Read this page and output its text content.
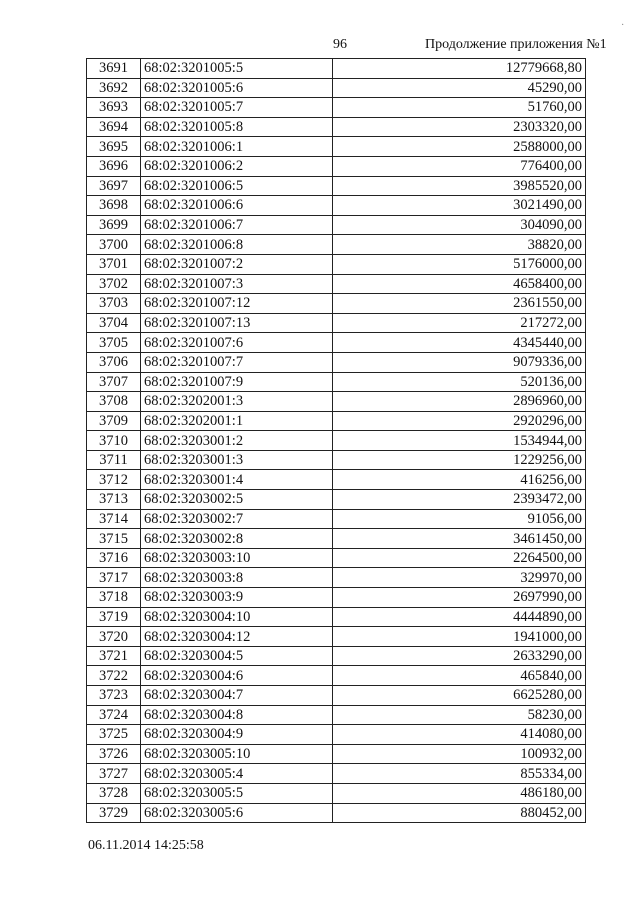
·
96	Продолжение приложения №1
3691	68:02:3201005:5	12779668,80
3692	68:02:3201005:6	45290,00
3693	68:02:3201005:7	51760,00
3694	68:02:3201005:8	2303320,00
3695	68:02:3201006:1	2588000,00
3696	68:02:3201006:2	776400,00
3697	68:02:3201006:5	3985520,00
3698	68:02:3201006:6	3021490,00
3699	68:02:3201006:7	304090,00
3700	68:02:3201006:8	38820,00
3701	68:02:3201007:2	5176000,00
3702	68:02:3201007:3	4658400,00
3703	68:02:3201007:12	2361550,00
3704	68:02:3201007:13	217272,00
3705	68:02:3201007:6	4345440,00
3706	68:02:3201007:7	9079336,00
3707	68:02:3201007:9	520136,00
3708	68:02:3202001:3	2896960,00
3709	68:02:3202001:1	2920296,00
3710	68:02:3203001:2	1534944,00
3711	68:02:3203001:3	1229256,00
3712	68:02:3203001:4	416256,00
3713	68:02:3203002:5	2393472,00
3714	68:02:3203002:7	91056,00
3715	68:02:3203002:8	3461450,00
3716	68:02:3203003:10	2264500,00
3717	68:02:3203003:8	329970,00
3718	68:02:3203003:9	2697990,00
3719	68:02:3203004:10	4444890,00
3720	68:02:3203004:12	1941000,00
3721	68:02:3203004:5	2633290,00
3722	68:02:3203004:6	465840,00
3723	68:02:3203004:7	6625280,00
3724	68:02:3203004:8	58230,00
3725	68:02:3203004:9	414080,00
3726	68:02:3203005:10	100932,00
3727	68:02:3203005:4	855334,00
3728	68:02:3203005:5	486180,00
3729	68:02:3203005:6	880452,00
06.11.2014 14:25:58
